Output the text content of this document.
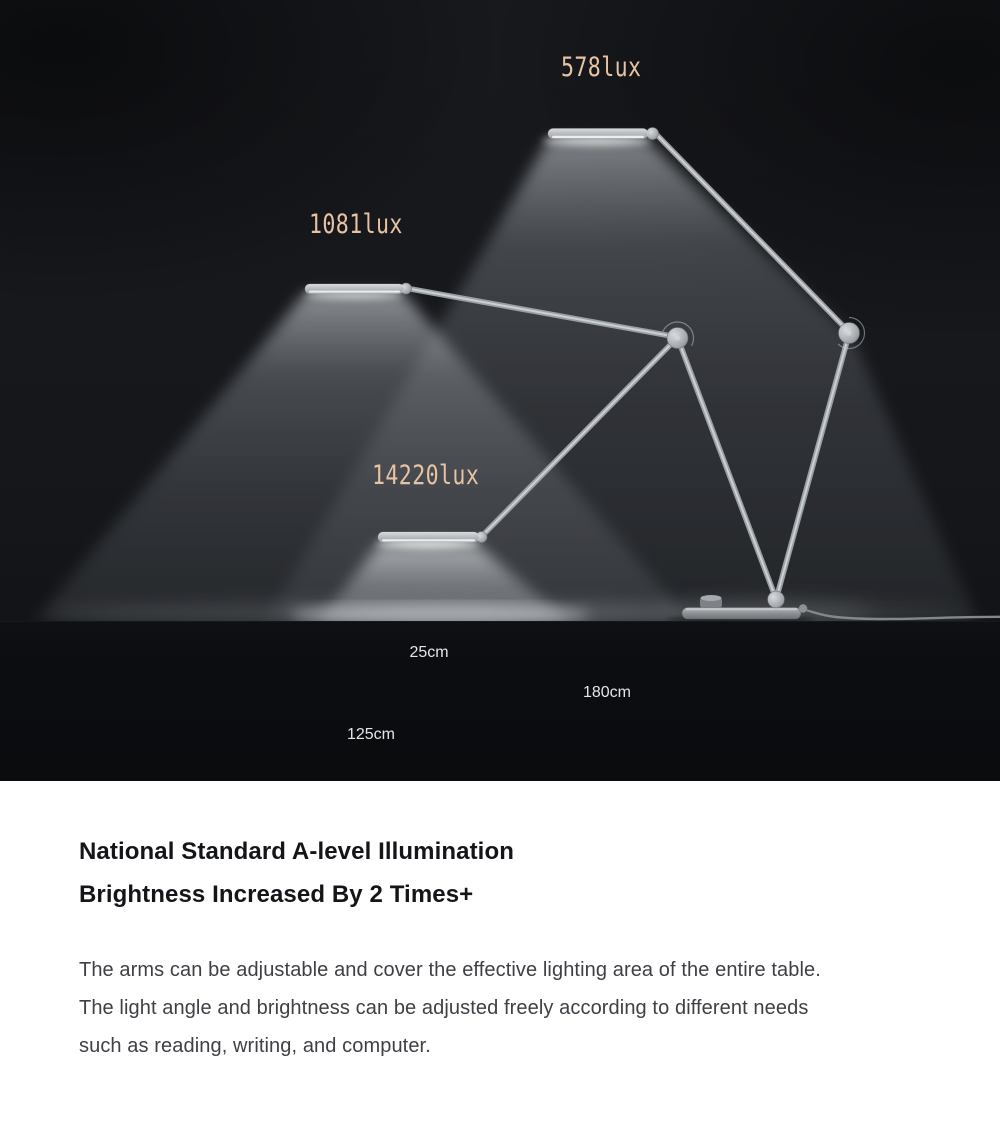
578lux
1081lux
14220lux
25cm
180cm
125cm
National Standard A-level Illumination
Brightness Increased By 2 Times+
The arms can be adjustable and cover the effective lighting area of the entire table.
The light angle and brightness can be adjusted freely according to different needs
such as reading, writing, and computer.
